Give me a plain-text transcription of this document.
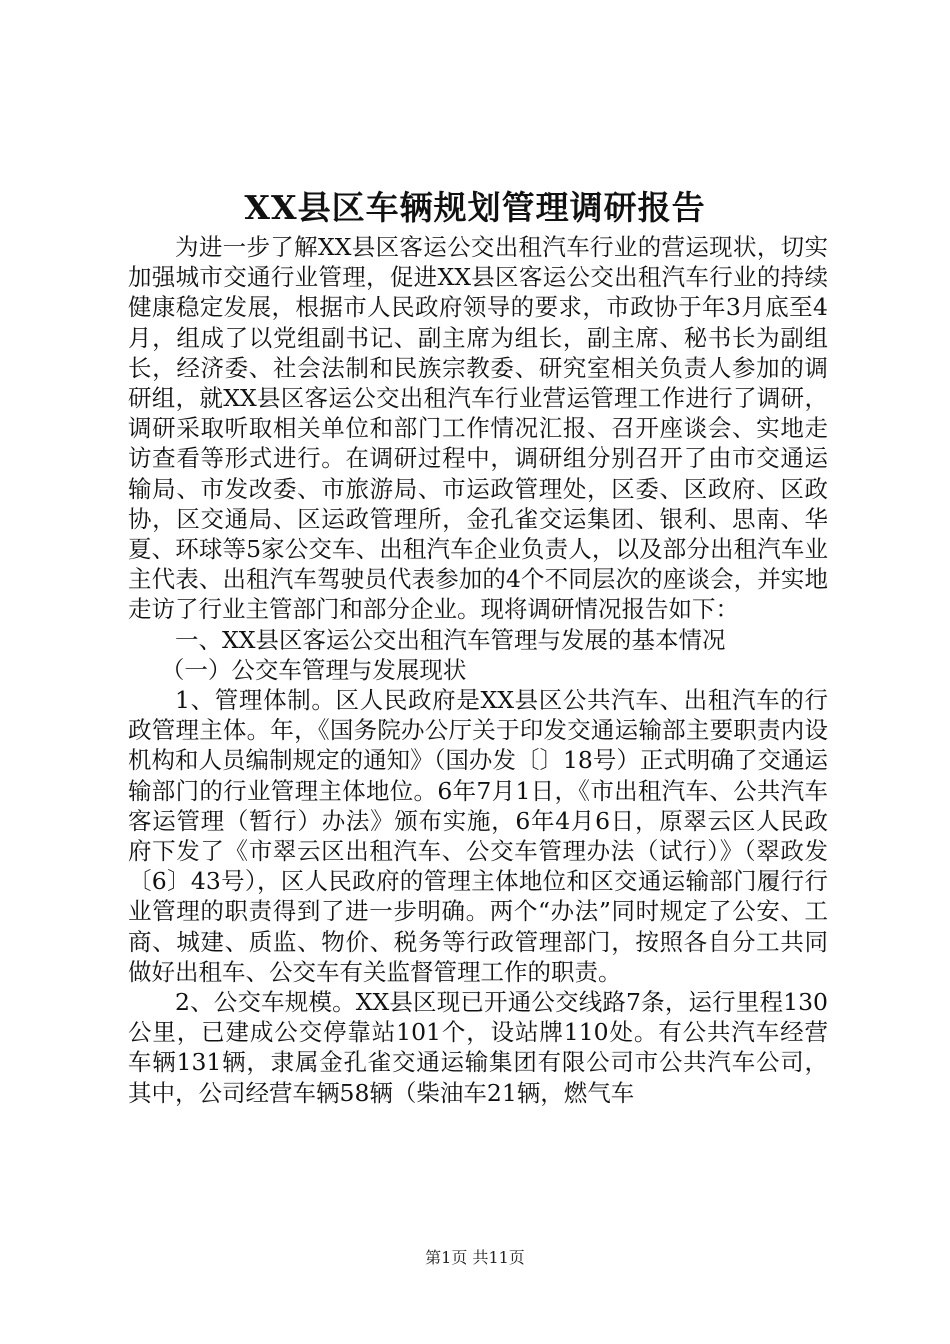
XX县区车辆规划管理调研报告

为进一步了解XX县区客运公交出租汽车行业的营运现状，切实加强城市交通行业管理，促进XX县区客运公交出租汽车行业的持续健康稳定发展，根据市人民政府领导的要求，市政协于年3月底至4月，组成了以党组副书记、副主席为组长，副主席、秘书长为副组长，经济委、社会法制和民族宗教委、研究室相关负责人参加的调研组，就XX县区客运公交出租汽车行业营运管理工作进行了调研，调研采取听取相关单位和部门工作情况汇报、召开座谈会、实地走访查看等形式进行。在调研过程中，调研组分别召开了由市交通运输局、市发改委、市旅游局、市运政管理处，区委、区政府、区政协，区交通局、区运政管理所，金孔雀交运集团、银利、思南、华夏、环球等5家公交车、出租汽车企业负责人，以及部分出租汽车业主代表、出租汽车驾驶员代表参加的4个不同层次的座谈会，并实地走访了行业主管部门和部分企业。现将调研情况报告如下：

一、XX县区客运公交出租汽车管理与发展的基本情况

（一）公交车管理与发展现状

1、管理体制。区人民政府是XX县区公共汽车、出租汽车的行政管理主体。年，《国务院办公厅关于印发交通运输部主要职责内设机构和人员编制规定的通知》（国办发〔〕18号）正式明确了交通运输部门的行业管理主体地位。6年7月1日，《市出租汽车、公共汽车客运管理（暂行）办法》颁布实施，6年4月6日，原翠云区人民政府下发了《市翠云区出租汽车、公交车管理办法（试行）》（翠政发〔6〕43号），区人民政府的管理主体地位和区交通运输部门履行行业管理的职责得到了进一步明确。两个“办法”同时规定了公安、工商、城建、质监、物价、税务等行政管理部门，按照各自分工共同做好出租车、公交车有关监督管理工作的职责。

2、公交车规模。XX县区现已开通公交线路7条，运行里程130公里，已建成公交停靠站101个，设站牌110处。有公共汽车经营车辆131辆，隶属金孔雀交通运输集团有限公司市公共汽车公司，其中，公司经营车辆58辆（柴油车21辆，燃气车

第1页 共11页
